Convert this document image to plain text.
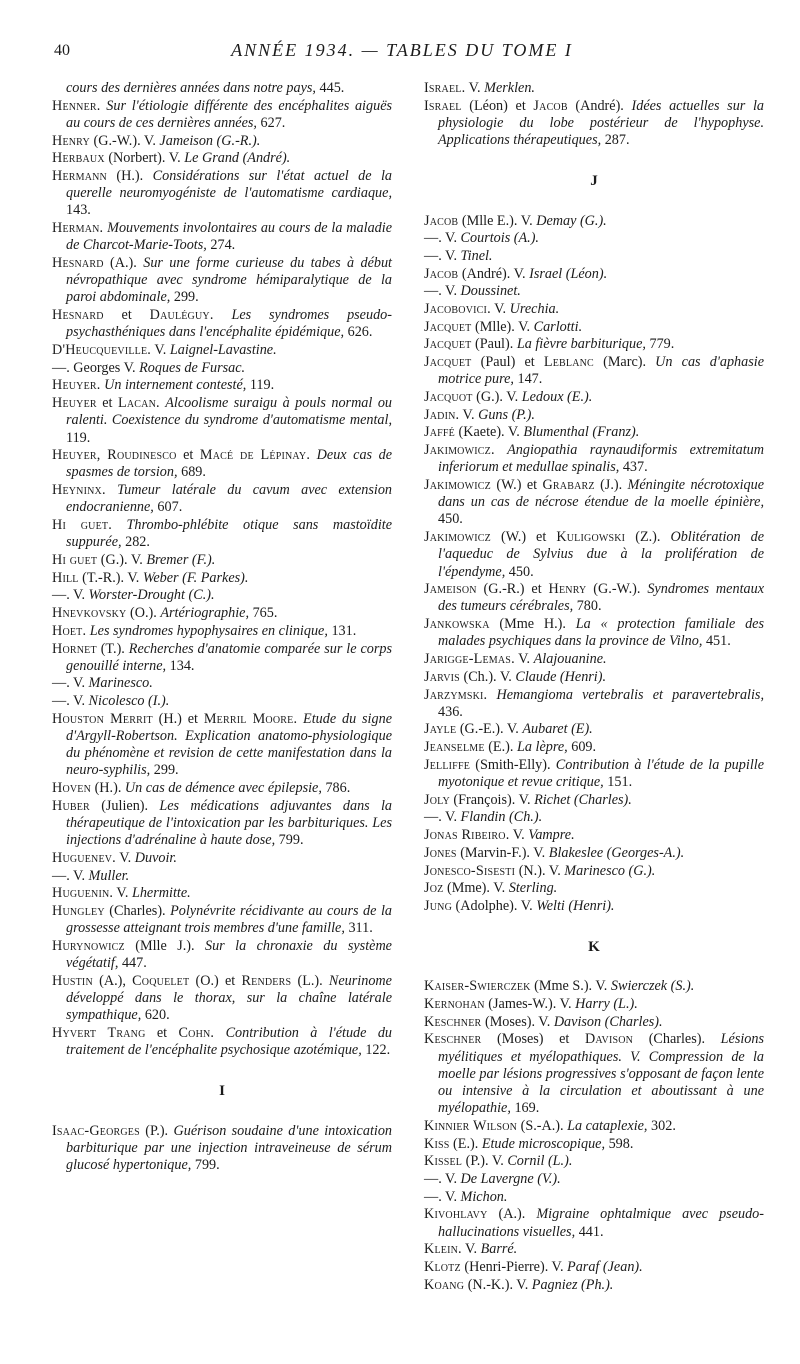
40	ANNÉE 1934. — TABLES DU TOME I
cours des dernières années dans notre pays, 445.
Henner. Sur l'étiologie différente des encéphalites aiguës au cours de ces dernières années, 627.
Henry (G.-W.). V. Jameison (G.-R.).
Herbaux (Norbert). V. Le Grand (André).
Hermann (H.). Considérations sur l'état actuel de la querelle neuromyogéniste de l'automatisme cardiaque, 143.
Herman. Mouvements involontaires au cours de la maladie de Charcot-Marie-Toots, 274.
Hesnard (A.). Sur une forme curieuse du tabes à début névropathique avec syndrome hémiparalytique de la paroi abdominale, 299.
Hesnard et Dauléguy. Les syndromes pseudo-psychasthéniques dans l'encéphalite épidémique, 626.
D'Heucqueville. V. Laignel-Lavastine.
—. Georges V. Roques de Fursac.
Heuyer. Un internement contesté, 119.
Heuyer et Lacan. Alcoolisme suraigu à pouls normal ou ralenti. Coexistence du syndrome d'automatisme mental, 119.
Heuyer, Roudinesco et Macé de Lépinay. Deux cas de spasmes de torsion, 689.
Heyninx. Tumeur latérale du cavum avec extension endocranienne, 607.
Hi guet. Thrombo-phlébite otique sans mastoïdite suppurée, 282.
Hi guet (G.). V. Bremer (F.).
Hill (T.-R.). V. Weber (F. Parkes).
—. V. Worster-Drought (C.).
Hnevkovsky (O.). Artériographie, 765.
Hoet. Les syndromes hypophysaires en clinique, 131.
Hornet (T.). Recherches d'anatomie comparée sur le corps genouillé interne, 134.
—. V. Marinesco.
—. V. Nicolesco (I.).
Houston Merrit (H.) et Merril Moore. Etude du signe d'Argyll-Robertson. Explication anatomo-physiologique du phénomène et revision de cette manifestation dans la neuro-syphilis, 299.
Hoven (H.). Un cas de démence avec épilepsie, 786.
Huber (Julien). Les médications adjuvantes dans la thérapeutique de l'intoxication par les barbituriques. Les injections d'adrénaline à haute dose, 799.
Huguenev. V. Duvoir.
—. V. Muller.
Huguenin. V. Lhermitte.
Hungley (Charles). Polynévrite récidivante au cours de la grossesse atteignant trois membres d'une famille, 311.
Hurynowicz (Mlle J.). Sur la chronaxie du système végétatif, 447.
Hustin (A.), Coquelet (O.) et Renders (L.). Neurinome développé dans le thorax, sur la chaîne latérale sympathique, 620.
Hyvert Trang et Cohn. Contribution à l'étude du traitement de l'encéphalite psychosique azotémique, 122.
I
Isaac-Georges (P.). Guérison soudaine d'une intoxication barbiturique par une injection intraveineuse de sérum glucosé hypertonique, 799.
Israel. V. Merklen.
Israel (Léon) et Jacob (André). Idées actuelles sur la physiologie du lobe postérieur de l'hypophyse. Applications thérapeutiques, 287.
J
Jacob (Mlle E.). V. Demay (G.).
—. V. Courtois (A.).
—. V. Tinel.
Jacob (André). V. Israel (Léon).
—. V. Doussinet.
Jacobovici. V. Urechia.
Jacquet (Mlle). V. Carlotti.
Jacquet (Paul). La fièvre barbiturique, 779.
Jacquet (Paul) et Leblanc (Marc). Un cas d'aphasie motrice pure, 147.
Jacquot (G.). V. Ledoux (E.).
Jadin. V. Guns (P.).
Jaffé (Kaete). V. Blumenthal (Franz).
Jakimowicz. Angiopathia raynaudiformis extremitatum inferiorum et medullae spinalis, 437.
Jakimowicz (W.) et Grabarz (J.). Méningite nécrotoxique dans un cas de nécrose étendue de la moelle épinière, 450.
Jakimowicz (W.) et Kuligowski (Z.). Oblitération de l'aqueduc de Sylvius due à la prolifération de l'épendyme, 450.
Jameison (G.-R.) et Henry (G.-W.). Syndromes mentaux des tumeurs cérébrales, 780.
Jankowska (Mme H.). La « protection familiale des malades psychiques dans la province de Vilno, 451.
Jarigge-Lemas. V. Alajouanine.
Jarvis (Ch.). V. Claude (Henri).
Jarzymski. Hemangioma vertebralis et paravertebralis, 436.
Jayle (G.-E.). V. Aubaret (E).
Jeanselme (E.). La lèpre, 609.
Jelliffe (Smith-Elly). Contribution à l'étude de la pupille myotonique et revue critique, 151.
Joly (François). V. Richet (Charles).
—. V. Flandin (Ch.).
Jonas Ribeiro. V. Vampre.
Jones (Marvin-F.). V. Blakeslee (Georges-A.).
Jonesco-Sisesti (N.). V. Marinesco (G.).
Joz (Mme). V. Sterling.
Jung (Adolphe). V. Welti (Henri).
K
Kaiser-Swierczek (Mme S.). V. Swierczek (S.).
Kernohan (James-W.). V. Harry (L.).
Keschner (Moses). V. Davison (Charles).
Keschner (Moses) et Davison (Charles). Lésions myélitiques et myélopathiques. V. Compression de la moelle par lésions progressives s'opposant de façon lente ou intensive à la circulation et aboutissant à une myélopathie, 169.
Kinnier Wilson (S.-A.). La cataplexie, 302.
Kiss (E.). Etude microscopique, 598.
Kissel (P.). V. Cornil (L.).
—. V. De Lavergne (V.).
—. V. Michon.
Kivohlavy (A.). Migraine ophtalmique avec pseudo-hallucinations visuelles, 441.
Klein. V. Barré.
Klotz (Henri-Pierre). V. Paraf (Jean).
Koang (N.-K.). V. Pagniez (Ph.).
